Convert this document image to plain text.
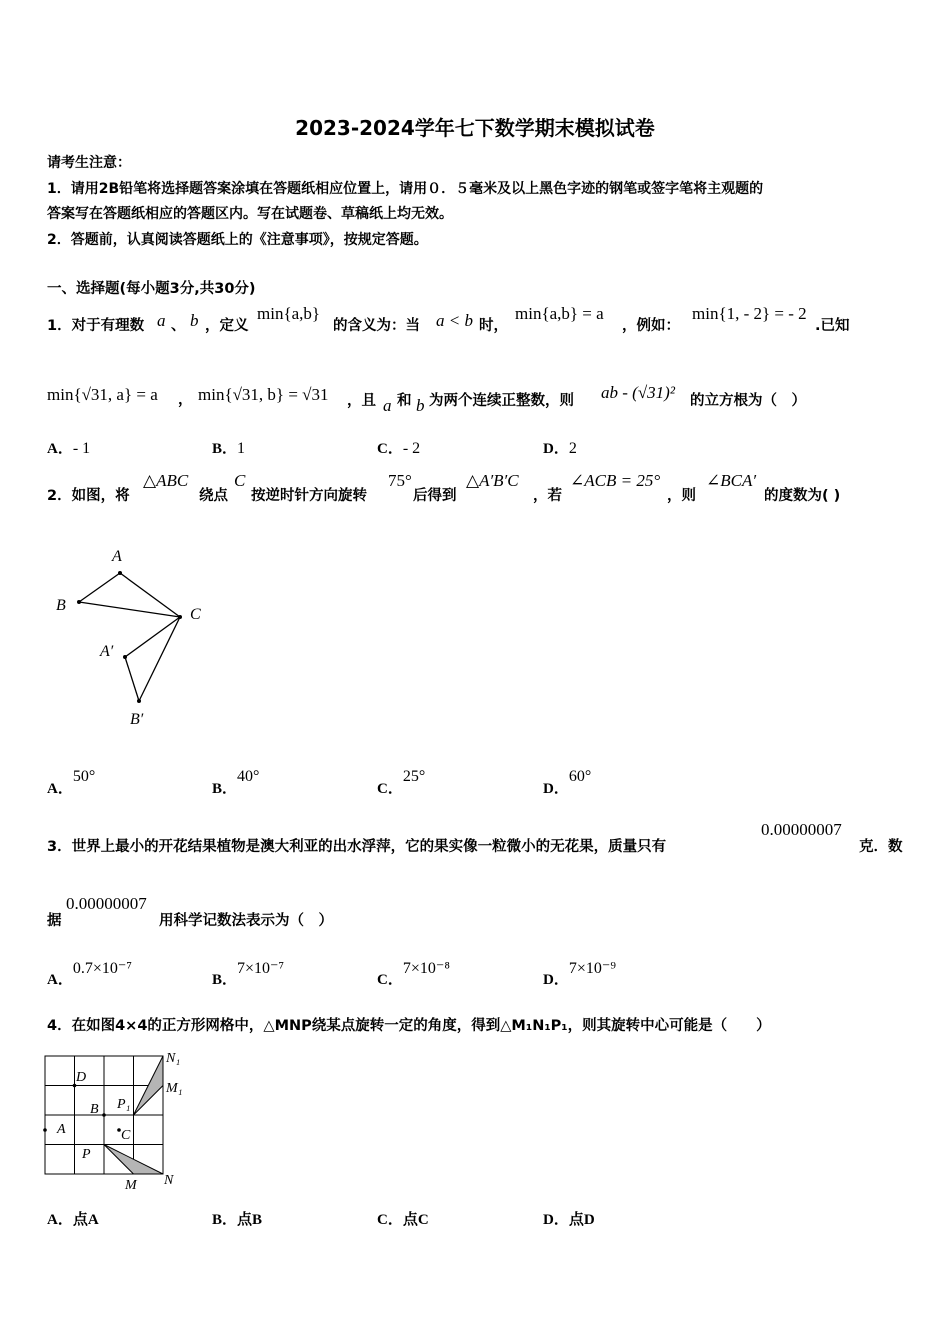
2023-2024学年七下数学期末模拟试卷
请考生注意：
1．请用2B铅笔将选择题答案涂填在答题纸相应位置上，请用０．５毫米及以上黑色字迹的钢笔或签字笔将主观题的
答案写在答题纸相应的答题区内。写在试题卷、草稿纸上均无效。
2．答题前，认真阅读答题纸上的《注意事项》，按规定答题。
一、选择题(每小题3分,共30分)
1．对于有理数 a 、 b ，定义
min{a,b}
的含义为：当 a < b 时，
min{a,b} = a
，例如：
min{1, - 2} = - 2
.已知
min{√31, a} = a ， min{√31, b} = √31 ，且 a 和 b 为两个连续正整数，则 ab - (√31)² 的立方根为（　）
A．- 1	B．1	C．- 2	D．2
2．如图，将
△ABC
绕点
C
按逆时针方向旋转
75°
后得到
△A′B′C
，若
∠ACB = 25°
，则
∠BCA′
的度数为( )
A
B
C
A′
B′
A．50°
B．40°
C．25°
D．60°
3．世界上最小的开花结果植物是澳大利亚的出水浮萍，它的果实像一粒微小的无花果，质量只有
0.00000007
克．数
据
0.00000007
用科学记数法表示为（　）
A．0.7×10⁻⁷
B．7×10⁻⁷
C．7×10⁻⁸
D．7×10⁻⁹
4．在如图4×4的正方形网格中，△MNP绕某点旋转一定的角度，得到△M₁N₁P₁，则其旋转中心可能是（　　）
D
B P₁
A	C
P
M N
N₁
M₁
A．点A	B．点B	C．点C	D．点D
